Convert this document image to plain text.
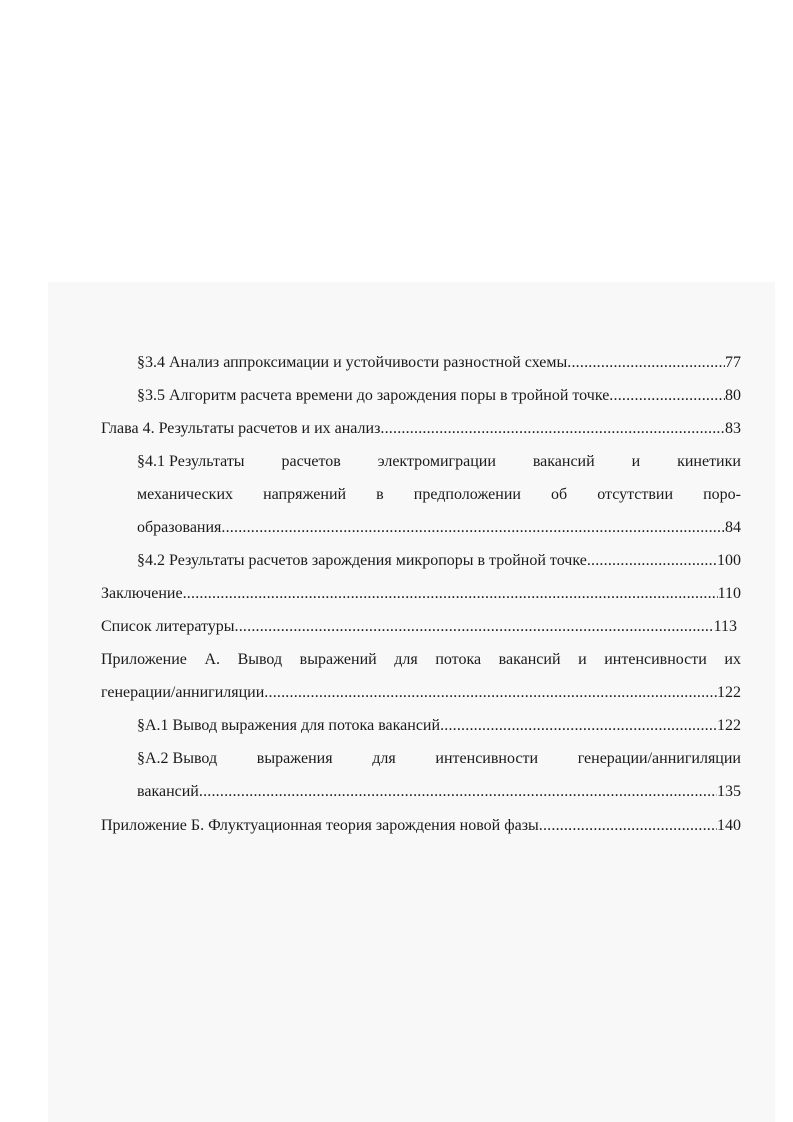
§3.4 Анализ аппроксимации и устойчивости разностной схемы .....	77
§3.5 Алгоритм расчета времени до зарождения поры в тройной точке .....	80
Глава 4. Результаты расчетов и их анализ .....	83
§4.1 Результаты расчетов электромиграции вакансий и кинетики
механических напряжений в предположении об отсутствии поро-
образования .....	84
§4.2 Результаты расчетов зарождения микропоры в тройной точке .....	100
Заключение .....	110
Список литературы .....	113
Приложение А. Вывод выражений для потока вакансий и интенсивности их
генерации/аннигиляции .....	122
§А.1 Вывод выражения для потока вакансий .....	122
§А.2 Вывод выражения для интенсивности генерации/аннигиляции
вакансий .....	135
Приложение Б. Флуктуационная теория зарождения новой фазы .....	140
